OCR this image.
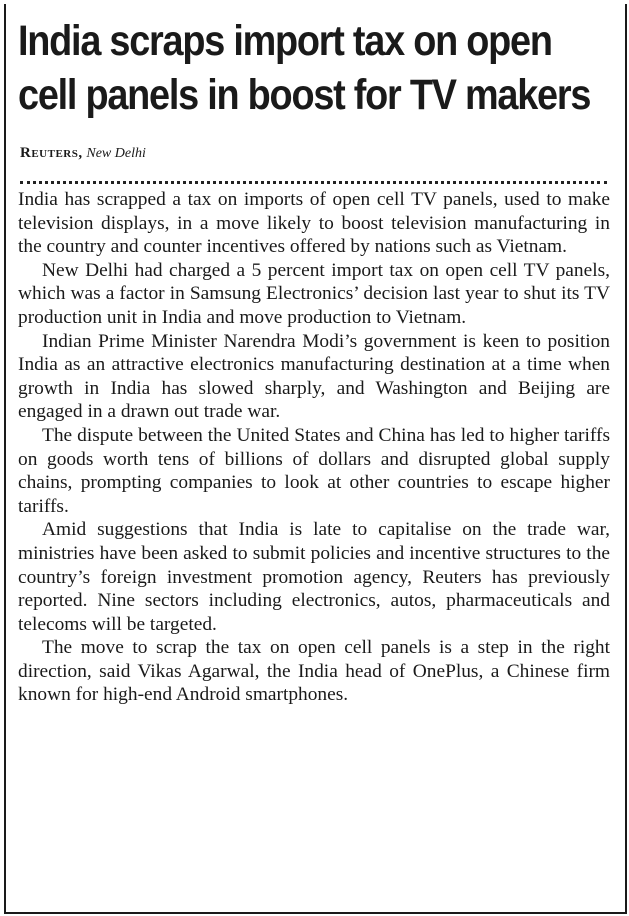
India scraps import tax on open
cell panels in boost for TV makers
Reuters, New Delhi

India has scrapped a tax on imports of open cell TV panels, used to make television displays, in a move likely to boost television manufacturing in the country and counter incentives offered by nations such as Vietnam.

New Delhi had charged a 5 percent import tax on open cell TV panels, which was a factor in Samsung Electronics’ decision last year to shut its TV production unit in India and move production to Vietnam.

Indian Prime Minister Narendra Modi’s government is keen to position India as an attractive electronics manufacturing destination at a time when growth in India has slowed sharply, and Washington and Beijing are engaged in a drawn out trade war.

The dispute between the United States and China has led to higher tariffs on goods worth tens of billions of dollars and disrupted global supply chains, prompting companies to look at other countries to escape higher tariffs.

Amid suggestions that India is late to capitalise on the trade war, ministries have been asked to submit policies and incentive structures to the country’s foreign investment promotion agency, Reuters has previously reported. Nine sectors including electronics, autos, pharmaceuticals and telecoms will be targeted.

The move to scrap the tax on open cell panels is a step in the right direction, said Vikas Agarwal, the India head of OnePlus, a Chinese firm known for high-end Android smartphones.
